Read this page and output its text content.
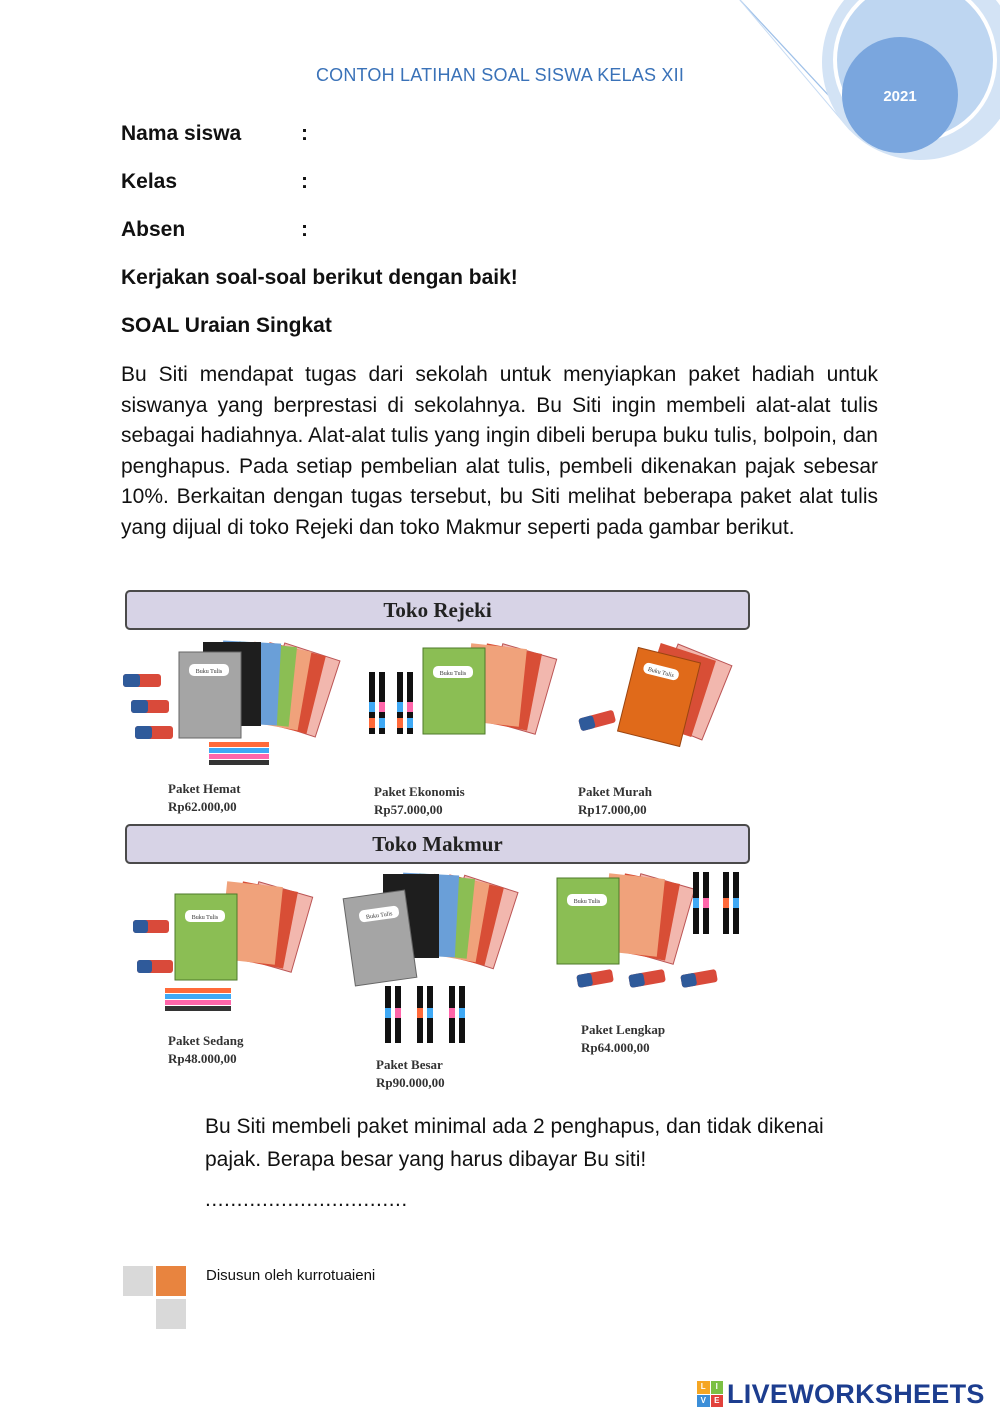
2021
CONTOH LATIHAN SOAL SISWA KELAS XII
Nama siswa	:
Kelas	:
Absen	:
Kerjakan soal-soal berikut dengan baik!
SOAL Uraian Singkat

Bu Siti mendapat tugas dari sekolah untuk menyiapkan paket hadiah untuk siswanya yang berprestasi di sekolahnya. Bu Siti ingin membeli alat-alat tulis sebagai hadiahnya. Alat-alat tulis yang ingin dibeli berupa buku tulis, bolpoin, dan penghapus. Pada setiap pembelian alat tulis, pembeli dikenakan pajak sebesar 10%. Berkaitan dengan tugas tersebut, bu Siti melihat beberapa paket alat tulis yang dijual di toko Rejeki dan toko Makmur seperti pada gambar berikut.

Toko Rejeki
Buku Tulis	Buku Tulis	Buku Tulis
Paket Hemat
Rp62.000,00
Paket Ekonomis
Rp57.000,00
Paket Murah
Rp17.000,00
Toko Makmur
Buku Tulis	Buku Tulis
Buku Tulis
Paket Sedang
Rp48.000,00	Paket Besar
Rp90.000,00
Paket Lengkap
Rp64.000,00

Bu Siti membeli paket minimal ada 2 penghapus, dan tidak dikenai pajak. Berapa besar yang harus dibayar Bu siti!

................................
Disusun oleh kurrotuaieni
L	I
V	E LIVEWORKSHEETS
